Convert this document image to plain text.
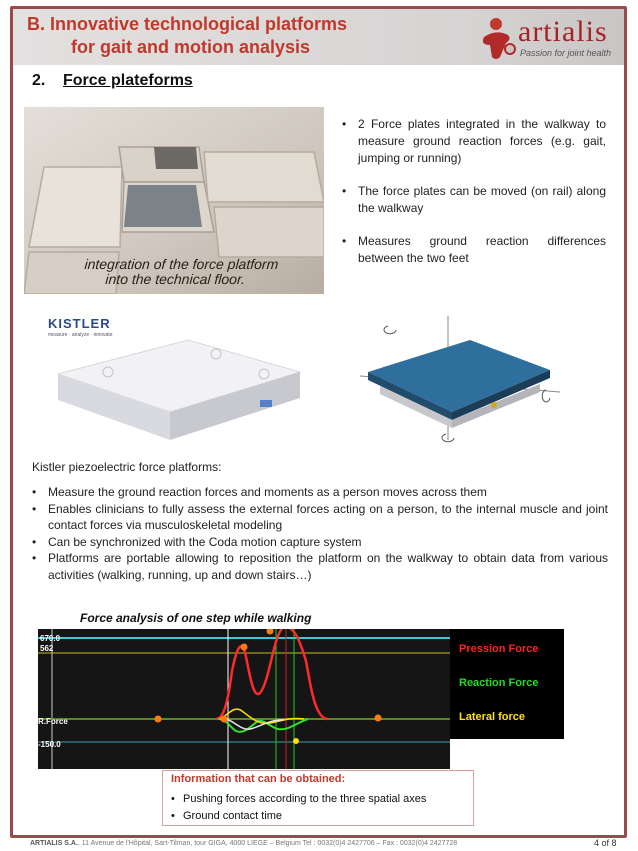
B. Innovative technological platforms
for gait and motion analysis	artialis
Passion for joint health
2. Force plateforms
integration of the force platform
into the technical floor.
• 2 Force plates integrated in the walkway to measure ground reaction forces (e.g. gait, jumping or running)
• The force plates can be moved (on rail) along the walkway
• Measures ground reaction differences between the two feet
KISTLER
measure · analyze · innovate
Kistler piezoelectric force platforms:
• Measure the ground reaction forces and moments as a person moves across them
• Enables clinicians to fully assess the external forces acting on a person, to the internal muscle and joint contact forces via musculoskeletal modeling
• Can be synchronized with the Coda motion capture system
• Platforms are portable allowing to reposition the platform on the walkway to obtain data from various activities (walking, running, up and down stairs…)
670.0
562
R.Force
-150.0
Force analysis of one step while walking
Pression Force
Reaction Force
Lateral force
Information that can be obtained:
• Pushing forces according to the three spatial axes
• Ground contact time
ARTIALIS S.A., 11 Avenue de l'Hôpital, Sart-Tilman, tour GIGA, 4000 LIEGE – Belgium Tel : 0032(0)4 2427706 – Fax : 0032(0)4 2427728	4 of 8
